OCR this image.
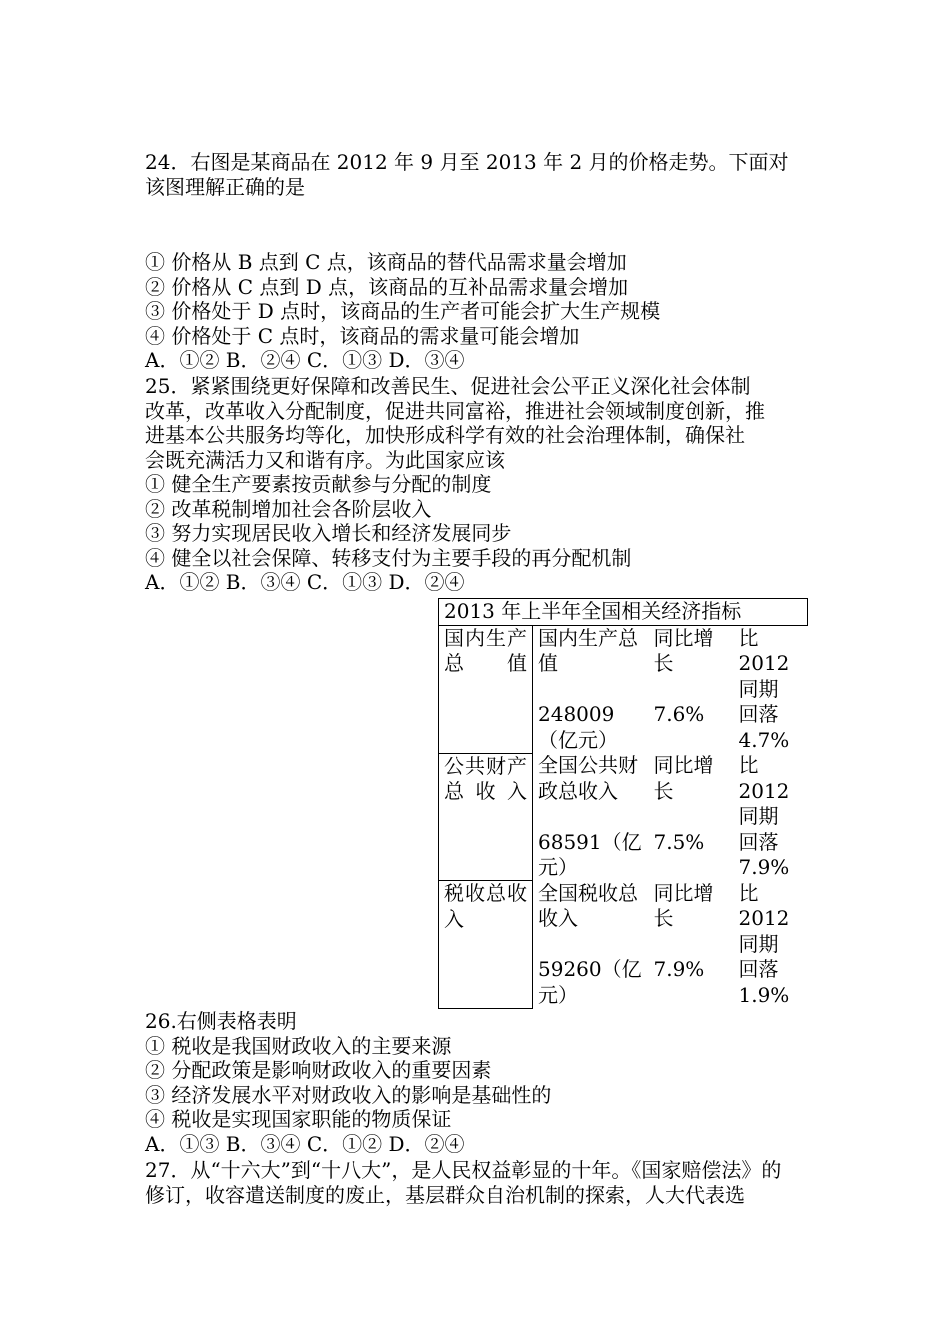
24．右图是某商品在 2012 年 9 月至 2013 年 2 月的价格走势。下面对
该图理解正确的是
① 价格从 B 点到 C 点，该商品的替代品需求量会增加
② 价格从 C 点到 D 点，该商品的互补品需求量会增加
③ 价格处于 D 点时，该商品的生产者可能会扩大生产规模
④ 价格处于 C 点时，该商品的需求量可能会增加
A．①② B．②④ C．①③ D．③④
25．紧紧围绕更好保障和改善民生、促进社会公平正义深化社会体制
改革，改革收入分配制度，促进共同富裕，推进社会领域制度创新，推
进基本公共服务均等化，加快形成科学有效的社会治理体制，确保社
会既充满活力又和谐有序。为此国家应该
① 健全生产要素按贡献参与分配的制度
② 改革税制增加社会各阶层收入
③ 努力实现居民收入增长和经济发展同步
④ 健全以社会保障、转移支付为主要手段的再分配机制
A．①② B．③④ C．①③ D．②④
2013 年上半年全国相关经济指标			
国内生产总值	国内生产总值	同比增长	比 2012 同期
	248009（亿元）	7.6%	回落 4.7%
公共财产总收入	全国公共财政总收入	同比增长	比 2012 同期
	68591（亿元）	7.5%	回落 7.9%
税收总收入	全国税收总收入	同比增长	比 2012 同期
	59260（亿元）	7.9%	回落 1.9%
26.右侧表格表明
① 税收是我国财政收入的主要来源
② 分配政策是影响财政收入的重要因素
③ 经济发展水平对财政收入的影响是基础性的
④ 税收是实现国家职能的物质保证
A．①③ B．③④ C．①② D．②④
27．从“十六大”到“十八大”，是人民权益彰显的十年。《国家赔偿法》的
修订，收容遣送制度的废止，基层群众自治机制的探索，人大代表选
